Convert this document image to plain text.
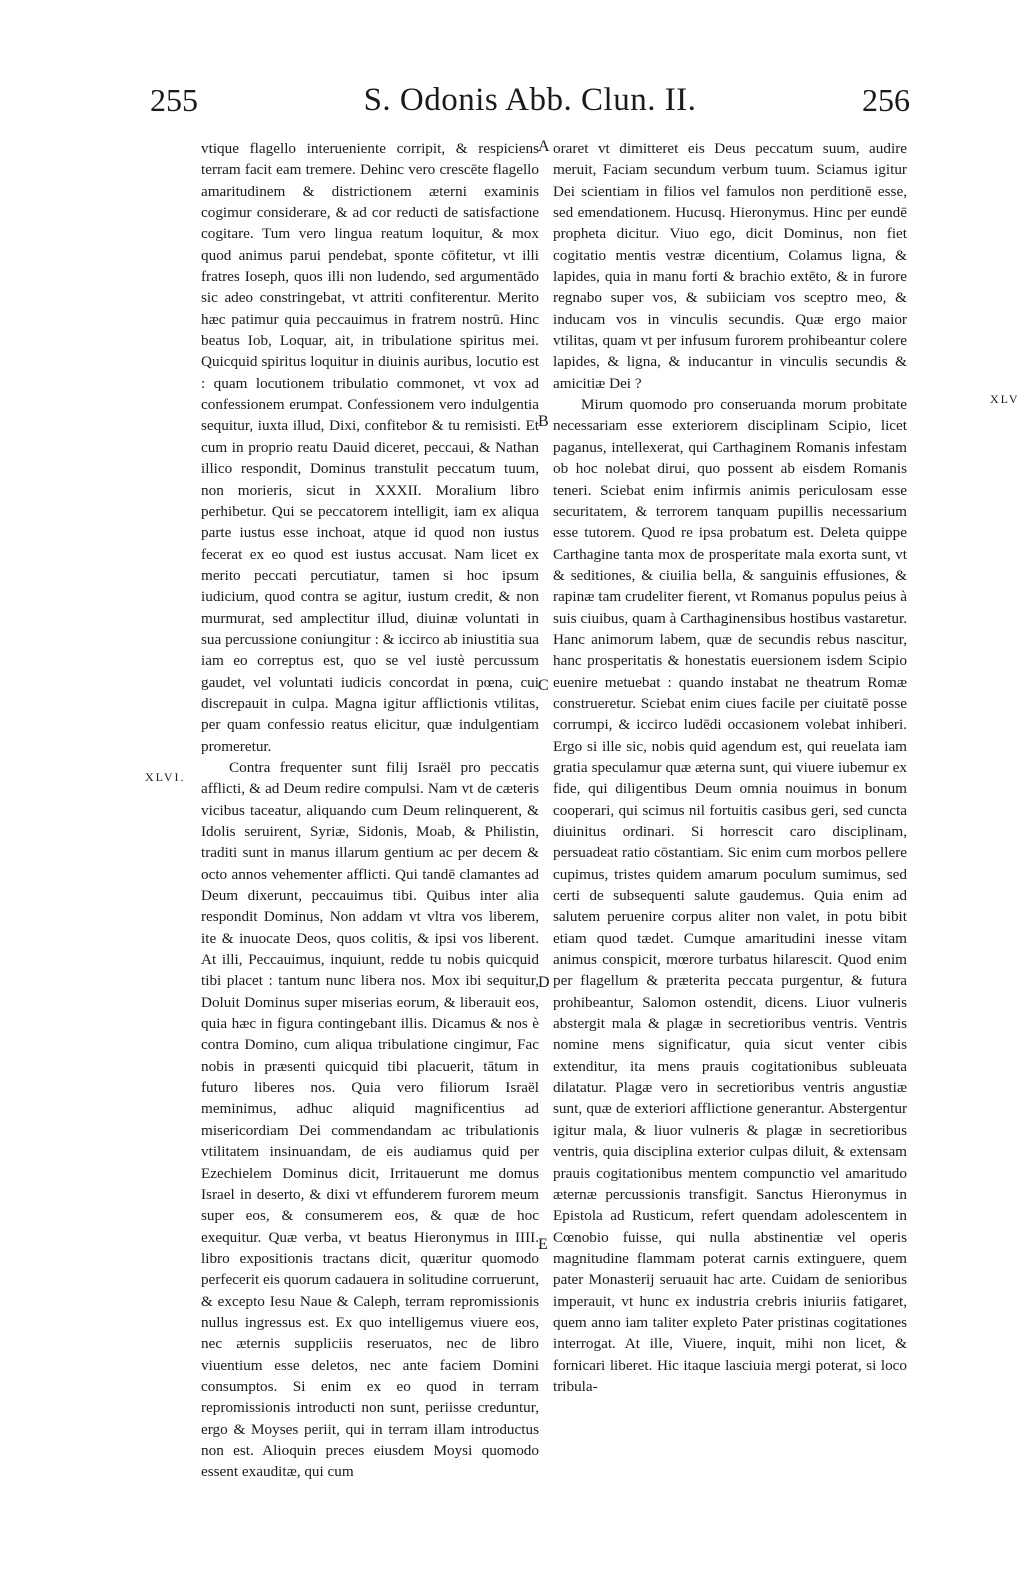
255	S. Odonis Abb. Clun. II.	256

vtique flagello interueniente corripit, & respiciens terram facit eam tremere. Dehinc vero crescēte flagello amaritudinem & districtionem æterni examinis cogimur considerare, & ad cor reducti de satisfactione cogitare. Tum vero lingua reatum loquitur, & mox quod animus parui pendebat, sponte cōfitetur, vt illi fratres Ioseph, quos illi non ludendo, sed argumentādo sic adeo constringebat, vt attriti confiterentur. Merito hæc patimur quia peccauimus in fratrem nostrū. Hinc beatus Iob, Loquar, ait, in tribulatione spiritus mei. Quicquid spiritus loquitur in diuinis auribus, locutio est : quam locutionem tribulatio commonet, vt vox ad confessionem erumpat. Confessionem vero indulgentia sequitur, iuxta illud, Dixi, confitebor & tu remisisti. Et cum in proprio reatu Dauid diceret, peccaui, & Nathan illico respondit, Dominus transtulit peccatum tuum, non morieris, sicut in XXXII. Moralium libro perhibetur. Qui se peccatorem intelligit, iam ex aliqua parte iustus esse inchoat, atque id quod non iustus fecerat ex eo quod est iustus accusat. Nam licet ex merito peccati percutiatur, tamen si hoc ipsum iudicium, quod contra se agitur, iustum credit, & non murmurat, sed amplectitur illud, diuinæ voluntati in sua percussione coniungitur : & iccirco ab iniustitia sua iam eo correptus est, quo se vel iustè percussum gaudet, vel voluntati iudicis concordat in pœna, cui discrepauit in culpa. Magna igitur afflictionis vtilitas, per quam confessio reatus elicitur, quæ indulgentiam promeretur.

Contra frequenter sunt filij Israël pro peccatis afflicti, & ad Deum redire compulsi. Nam vt de cæteris vicibus taceatur, aliquando cum Deum relinquerent, & Idolis seruirent, Syriæ, Sidonis, Moab, & Philistin, traditi sunt in manus illarum gentium ac per decem & octo annos vehementer afflicti. Qui tandē clamantes ad Deum dixerunt, peccauimus tibi. Quibus inter alia respondit Dominus, Non addam vt vltra vos liberem, ite & inuocate Deos, quos colitis, & ipsi vos liberent. At illi, Peccauimus, inquiunt, redde tu nobis quicquid tibi placet : tantum nunc libera nos. Mox ibi sequitur, Doluit Dominus super miserias eorum, & liberauit eos, quia hæc in figura contingebant illis. Dicamus & nos è contra Domino, cum aliqua tribulatione cingimur, Fac nobis in præsenti quicquid tibi placuerit, tātum in futuro liberes nos. Quia vero filiorum Israël meminimus, adhuc aliquid magnificentius ad misericordiam Dei commendandam ac tribulationis vtilitatem insinuandam, de eis audiamus quid per Ezechielem Dominus dicit, Irritauerunt me domus Israel in deserto, & dixi vt effunderem furorem meum super eos, & consumerem eos, & quæ de hoc exequitur. Quæ verba, vt beatus Hieronymus in IIII. libro expositionis tractans dicit, quæritur quomodo perfecerit eis quorum cadauera in solitudine corruerunt, & excepto Iesu Naue & Caleph, terram repromissionis nullus ingressus est. Ex quo intelligemus viuere eos, nec æternis suppliciis reseruatos, nec de libro viuentium esse deletos, nec ante faciem Domini consumptos. Si enim ex eo quod in terram repromissionis introducti non sunt, periisse creduntur, ergo & Moyses periit, qui in terram illam introductus non est. Alioquin preces eiusdem Moysi quomodo essent exauditæ, qui cum

oraret vt dimitteret eis Deus peccatum suum, audire meruit, Faciam secundum verbum tuum. Sciamus igitur Dei scientiam in filios vel famulos non perditionē esse, sed emendationem. Hucusq. Hieronymus. Hinc per eundē propheta dicitur. Viuo ego, dicit Dominus, non fiet cogitatio mentis vestræ dicentium, Colamus ligna, & lapides, quia in manu forti & brachio extēto, & in furore regnabo super vos, & subiiciam vos sceptro meo, & inducam vos in vinculis secundis. Quæ ergo maior vtilitas, quam vt per infusum furorem prohibeantur colere lapides, & ligna, & inducantur in vinculis secundis & amicitiæ Dei ?

Mirum quomodo pro conseruanda morum probitate necessariam esse exteriorem disciplinam Scipio, licet paganus, intellexerat, qui Carthaginem Romanis infestam ob hoc nolebat dirui, quo possent ab eisdem Romanis teneri. Sciebat enim infirmis animis periculosam esse securitatem, & terrorem tanquam pupillis necessarium esse tutorem. Quod re ipsa probatum est. Deleta quippe Carthagine tanta mox de prosperitate mala exorta sunt, vt & seditiones, & ciuilia bella, & sanguinis effusiones, & rapinæ tam crudeliter fierent, vt Romanus populus peius à suis ciuibus, quam à Carthaginensibus hostibus vastaretur. Hanc animorum labem, quæ de secundis rebus nascitur, hanc prosperitatis & honestatis euersionem isdem Scipio euenire metuebat : quando instabat ne theatrum Romæ construeretur. Sciebat enim ciues facile per ciuitatē posse corrumpi, & iccirco ludēdi occasionem volebat inhiberi. Ergo si ille sic, nobis quid agendum est, qui reuelata iam gratia speculamur quæ æterna sunt, qui viuere iubemur ex fide, qui diligentibus Deum omnia nouimus in bonum cooperari, qui scimus nil fortuitis casibus geri, sed cuncta diuinitus ordinari. Si horrescit caro disciplinam, persuadeat ratio cōstantiam. Sic enim cum morbos pellere cupimus, tristes quidem amarum poculum sumimus, sed certi de subsequenti salute gaudemus. Quia enim ad salutem peruenire corpus aliter non valet, in potu bibit etiam quod tædet. Cumque amaritudini inesse vitam animus conspicit, mœrore turbatus hilarescit. Quod enim per flagellum & præterita peccata purgentur, & futura prohibeantur, Salomon ostendit, dicens. Liuor vulneris abstergit mala & plagæ in secretioribus ventris. Ventris nomine mens significatur, quia sicut venter cibis extenditur, ita mens prauis cogitationibus subleuata dilatatur. Plagæ vero in secretioribus ventris angustiæ sunt, quæ de exteriori afflictione generantur. Abstergentur igitur mala, & liuor vulneris & plagæ in secretioribus ventris, quia disciplina exterior culpas diluit, & extensam prauis cogitationibus mentem compunctio vel amaritudo æternæ percussionis transfigit. Sanctus Hieronymus in Epistola ad Rusticum, refert quendam adolescentem in Cœnobio fuisse, qui nulla abstinentiæ vel operis magnitudine flammam poterat carnis extinguere, quem pater Monasterij seruauit hac arte. Cuidam de senioribus imperauit, vt hunc ex industria crebris iniuriis fatigaret, quem anno iam taliter expleto Pater pristinas cogitationes interrogat. At ille, Viuere, inquit, mihi non licet, & fornicari liberet. Hic itaque lasciuia mergi poterat, si loco tribula-

A
B
C
D
E
XLVI.
XLV
